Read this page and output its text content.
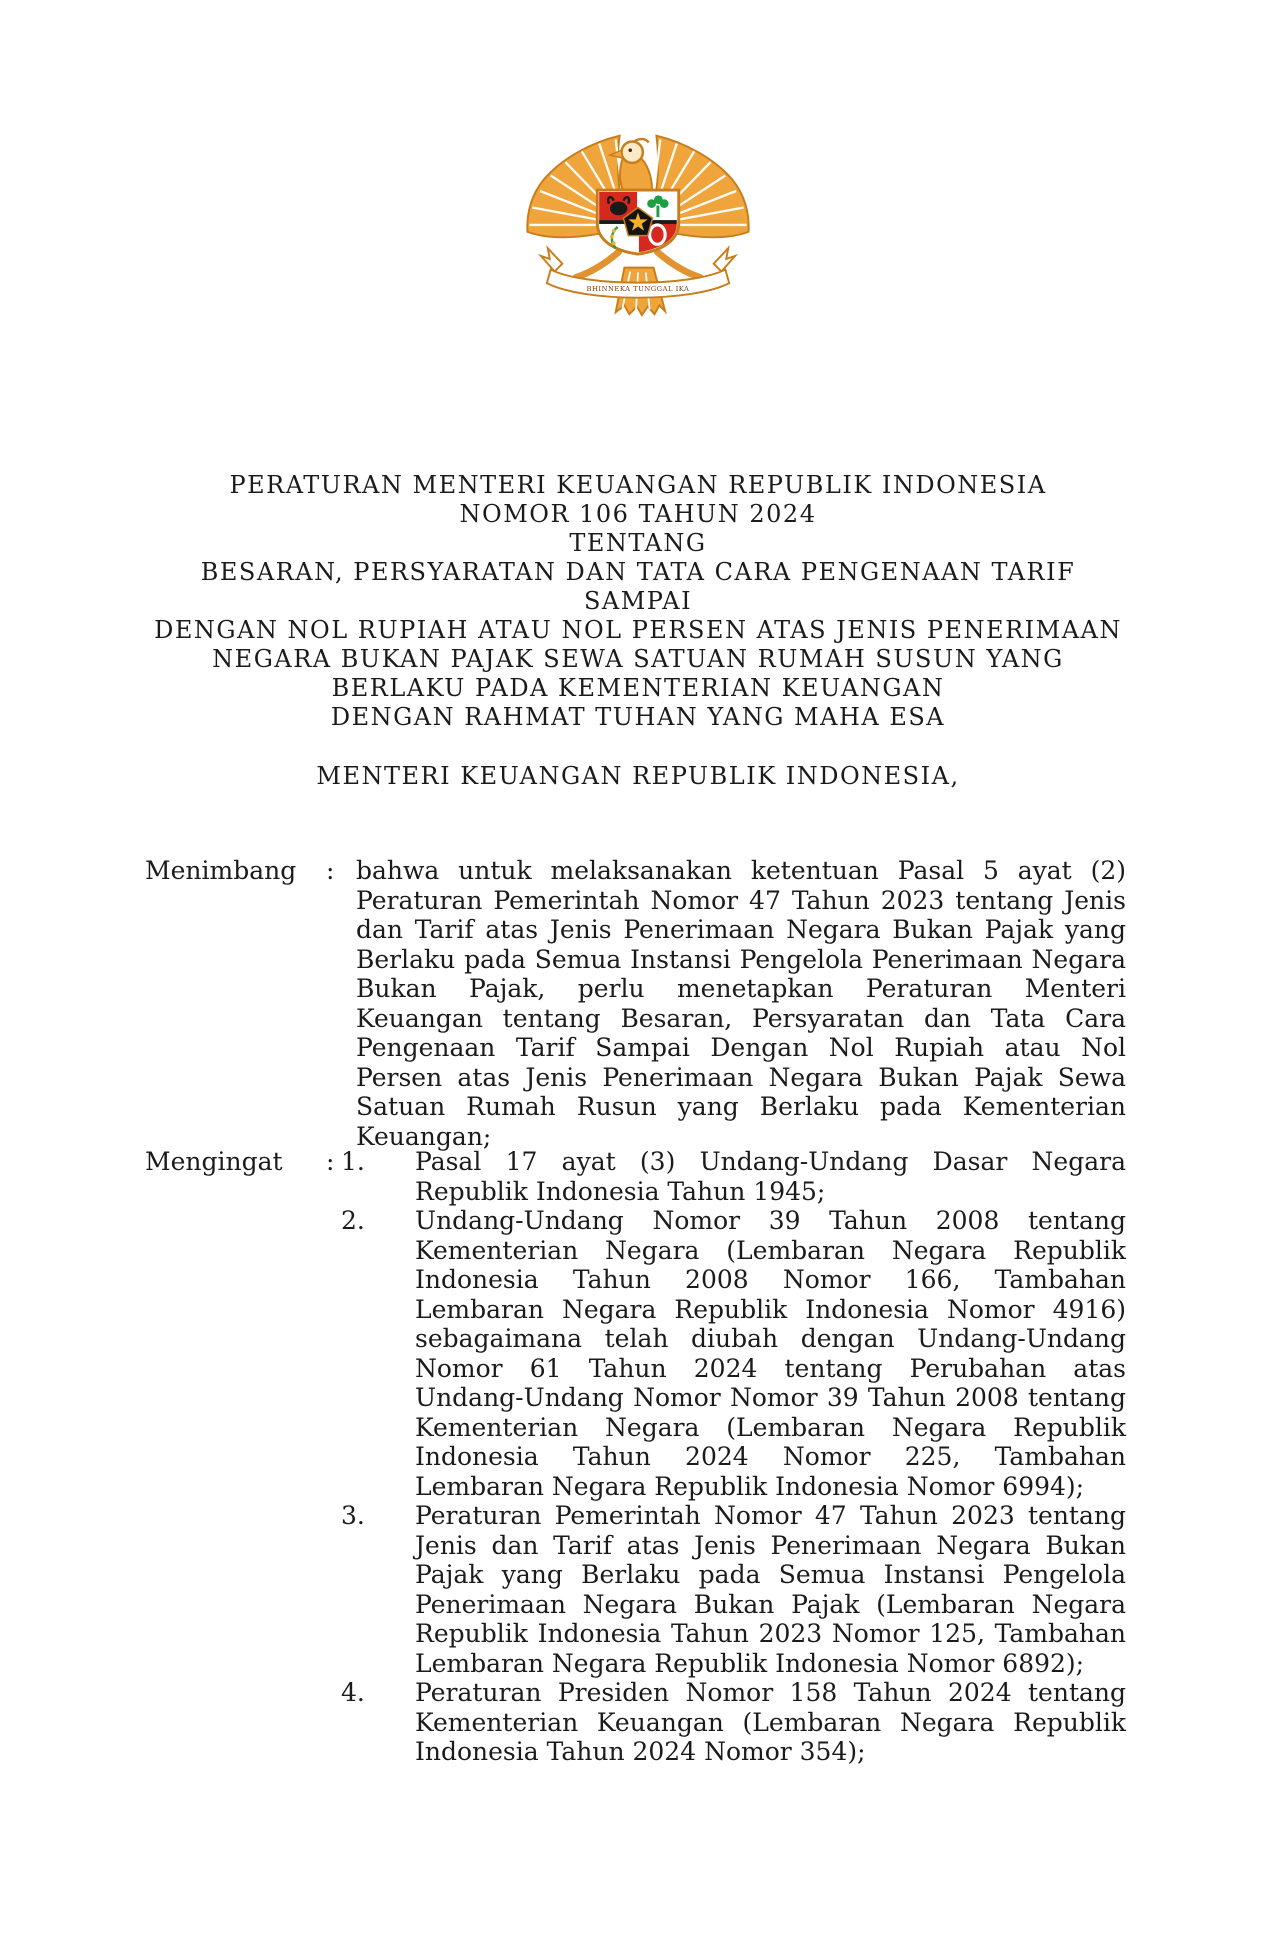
BHINNEKA TUNGGAL IKA
PERATURAN MENTERI KEUANGAN REPUBLIK INDONESIA
NOMOR 106 TAHUN 2024
TENTANG
BESARAN, PERSYARATAN DAN TATA CARA PENGENAAN TARIF SAMPAI
DENGAN NOL RUPIAH ATAU NOL PERSEN ATAS JENIS PENERIMAAN
NEGARA BUKAN PAJAK SEWA SATUAN RUMAH SUSUN YANG
BERLAKU PADA KEMENTERIAN KEUANGAN
DENGAN RAHMAT TUHAN YANG MAHA ESA
MENTERI KEUANGAN REPUBLIK INDONESIA,
Menimbang	: bahwa untuk melaksanakan ketentuan Pasal 5 ayat (2) Peraturan Pemerintah Nomor 47 Tahun 2023 tentang Jenis dan Tarif atas Jenis Penerimaan Negara Bukan Pajak yang Berlaku pada Semua Instansi Pengelola Penerimaan Negara Bukan Pajak, perlu menetapkan Peraturan Menteri Keuangan tentang Besaran, Persyaratan dan Tata Cara Pengenaan Tarif Sampai Dengan Nol Rupiah atau Nol Persen atas Jenis Penerimaan Negara Bukan Pajak Sewa Satuan Rumah Rusun yang Berlaku pada Kementerian Keuangan;
Mengingat	: 1.	Pasal 17 ayat (3) Undang-Undang Dasar Negara Republik Indonesia Tahun 1945;
2.	Undang-Undang Nomor 39 Tahun 2008 tentang Kementerian Negara (Lembaran Negara Republik Indonesia Tahun 2008 Nomor 166, Tambahan Lembaran Negara Republik Indonesia Nomor 4916) sebagaimana telah diubah dengan Undang-Undang Nomor 61 Tahun 2024 tentang Perubahan atas Undang-Undang Nomor Nomor 39 Tahun 2008 tentang Kementerian Negara (Lembaran Negara Republik Indonesia Tahun 2024 Nomor 225, Tambahan Lembaran Negara Republik Indonesia Nomor 6994);
3.	Peraturan Pemerintah Nomor 47 Tahun 2023 tentang Jenis dan Tarif atas Jenis Penerimaan Negara Bukan Pajak yang Berlaku pada Semua Instansi Pengelola Penerimaan Negara Bukan Pajak (Lembaran Negara Republik Indonesia Tahun 2023 Nomor 125, Tambahan Lembaran Negara Republik Indonesia Nomor 6892);
4.	Peraturan Presiden Nomor 158 Tahun 2024 tentang Kementerian Keuangan (Lembaran Negara Republik Indonesia Tahun 2024 Nomor 354);
